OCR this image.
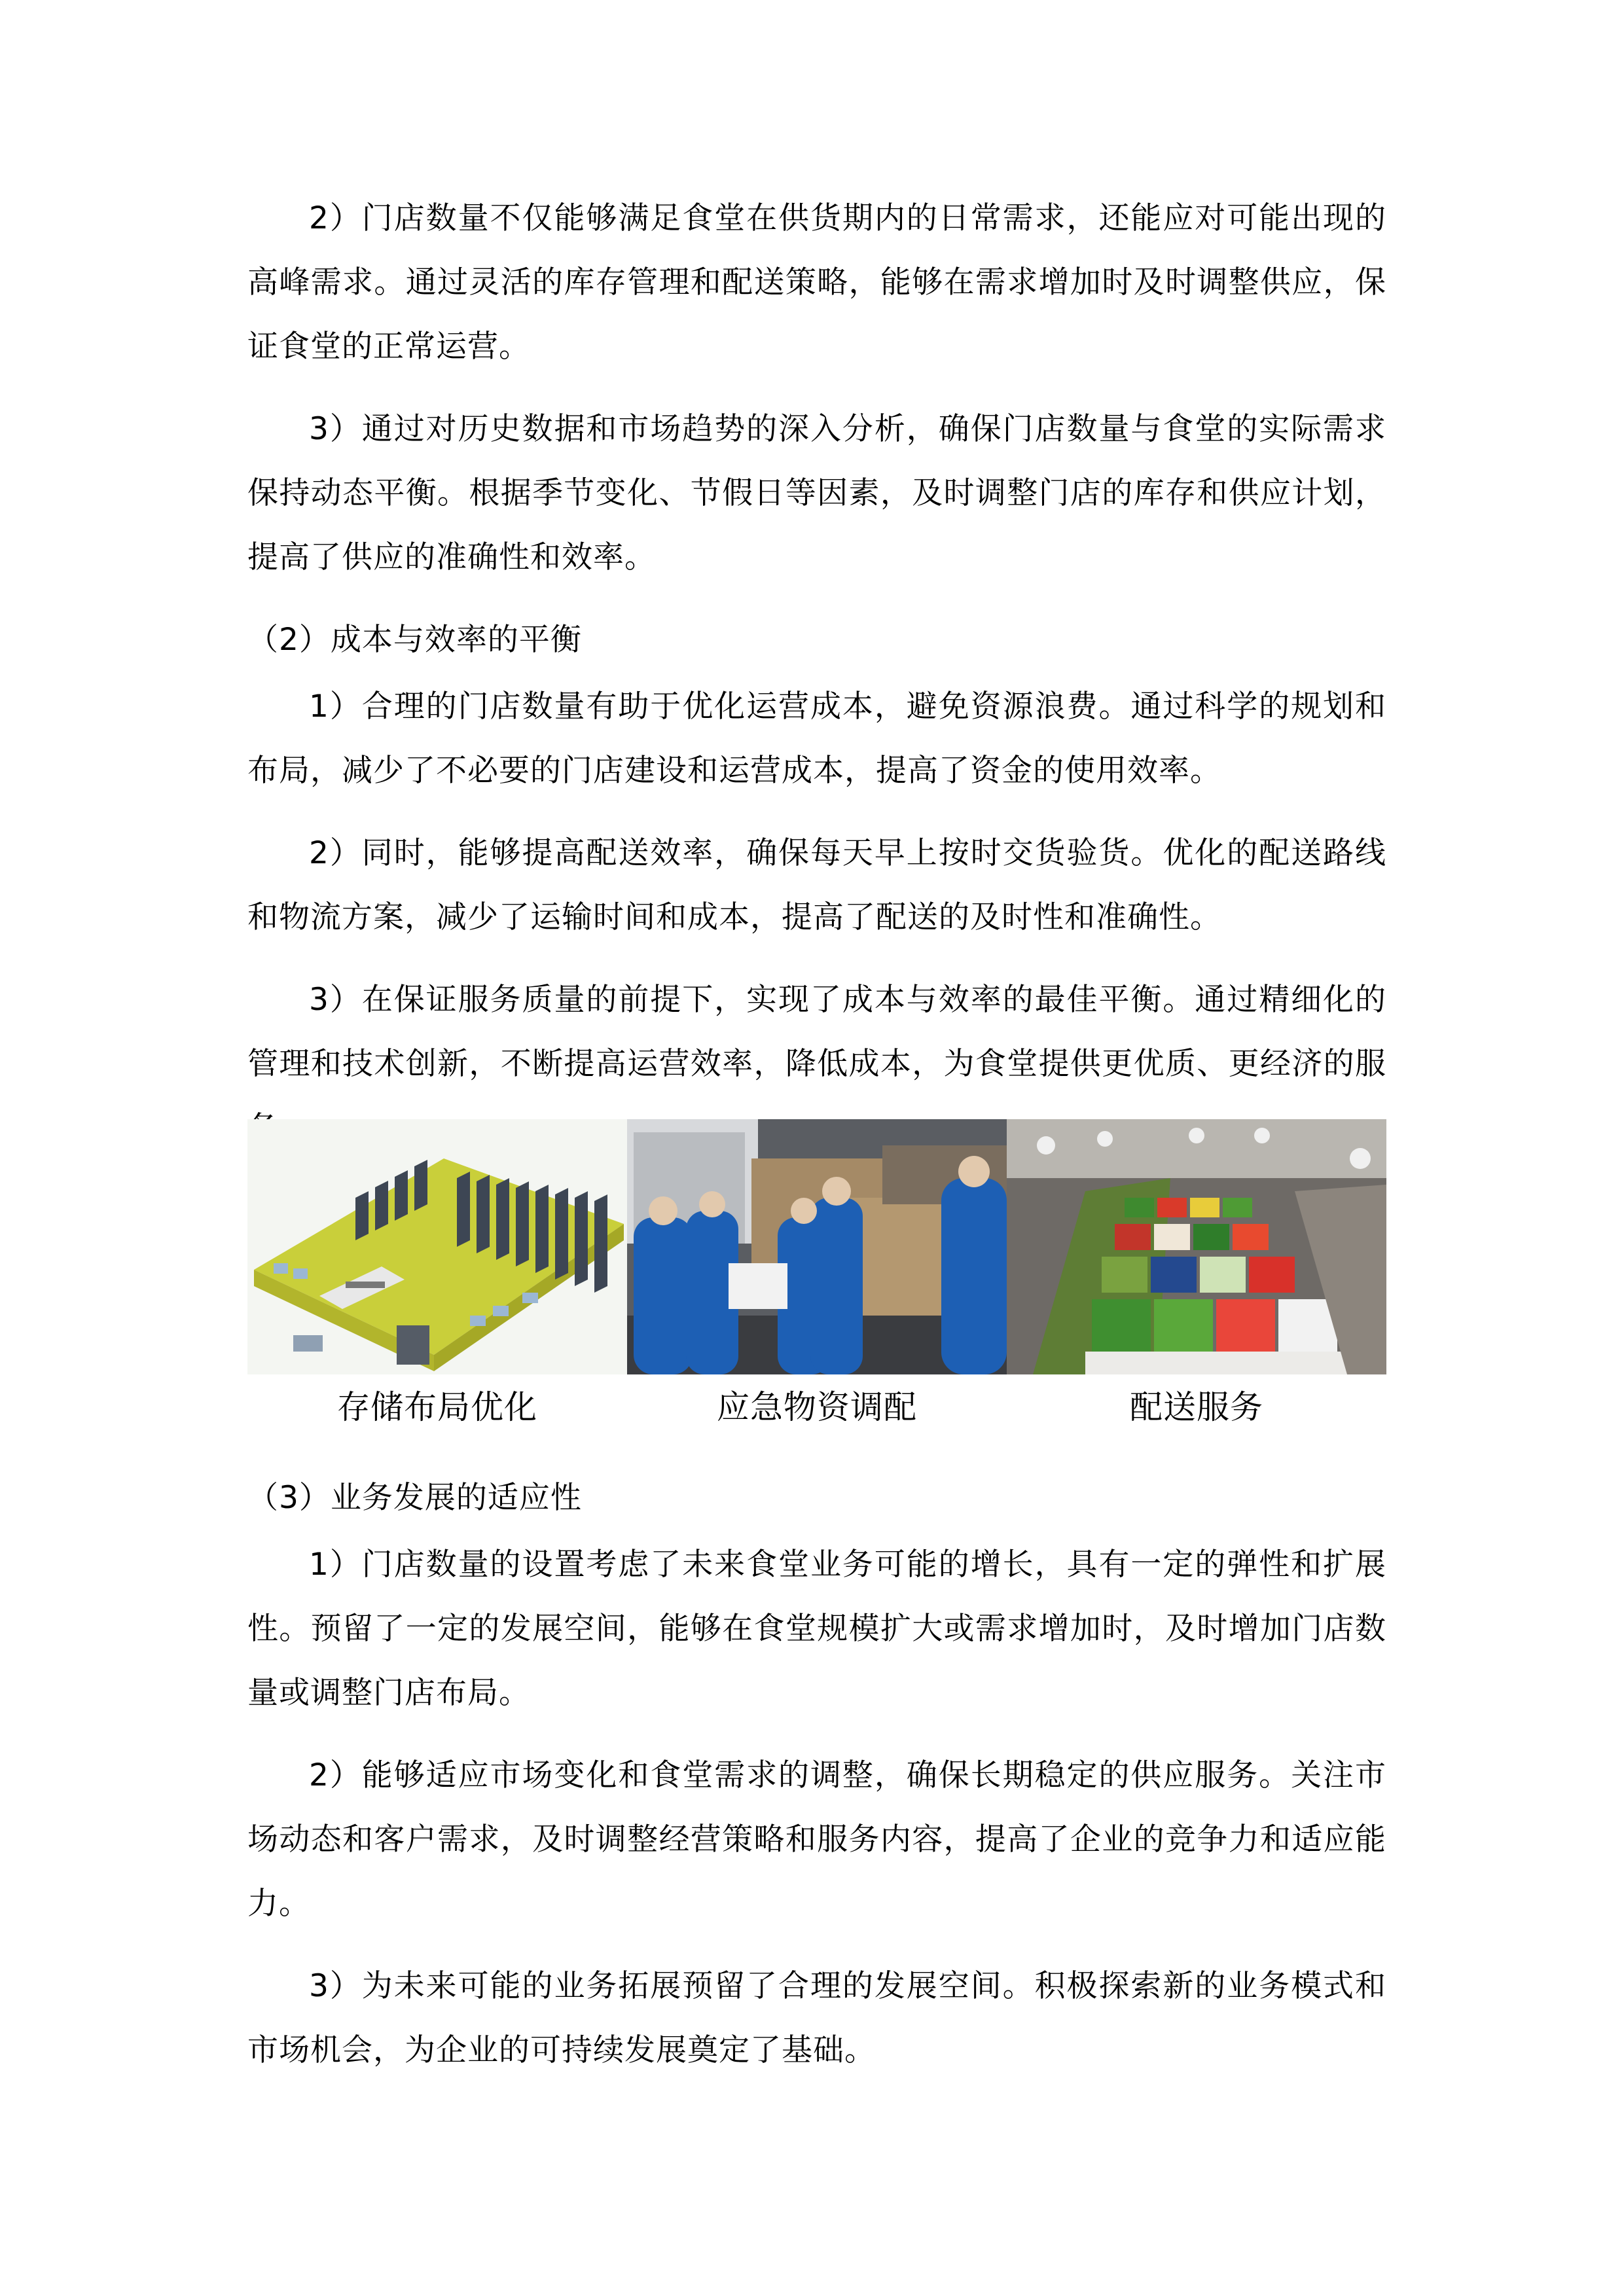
2）门店数量不仅能够满足食堂在供货期内的日常需求，还能应对可能出现的高峰需求。通过灵活的库存管理和配送策略，能够在需求增加时及时调整供应，保证食堂的正常运营。

3）通过对历史数据和市场趋势的深入分析，确保门店数量与食堂的实际需求保持动态平衡。根据季节变化、节假日等因素，及时调整门店的库存和供应计划，提高了供应的准确性和效率。

（2）成本与效率的平衡

1）合理的门店数量有助于优化运营成本，避免资源浪费。通过科学的规划和布局，减少了不必要的门店建设和运营成本，提高了资金的使用效率。

2）同时，能够提高配送效率，确保每天早上按时交货验货。优化的配送路线和物流方案，减少了运输时间和成本，提高了配送的及时性和准确性。

3）在保证服务质量的前提下，实现了成本与效率的最佳平衡。通过精细化的管理和技术创新，不断提高运营效率，降低成本，为食堂提供更优质、更经济的服

存储布局优化	应急物资调配	配送服务

（3）业务发展的适应性

1）门店数量的设置考虑了未来食堂业务可能的增长，具有一定的弹性和扩展性。预留了一定的发展空间，能够在食堂规模扩大或需求增加时，及时增加门店数量或调整门店布局。

2）能够适应市场变化和食堂需求的调整，确保长期稳定的供应服务。关注市场动态和客户需求，及时调整经营策略和服务内容，提高了企业的竞争力和适应能力。

3）为未来可能的业务拓展预留了合理的发展空间。积极探索新的业务模式和市场机会，为企业的可持续发展奠定了基础。
